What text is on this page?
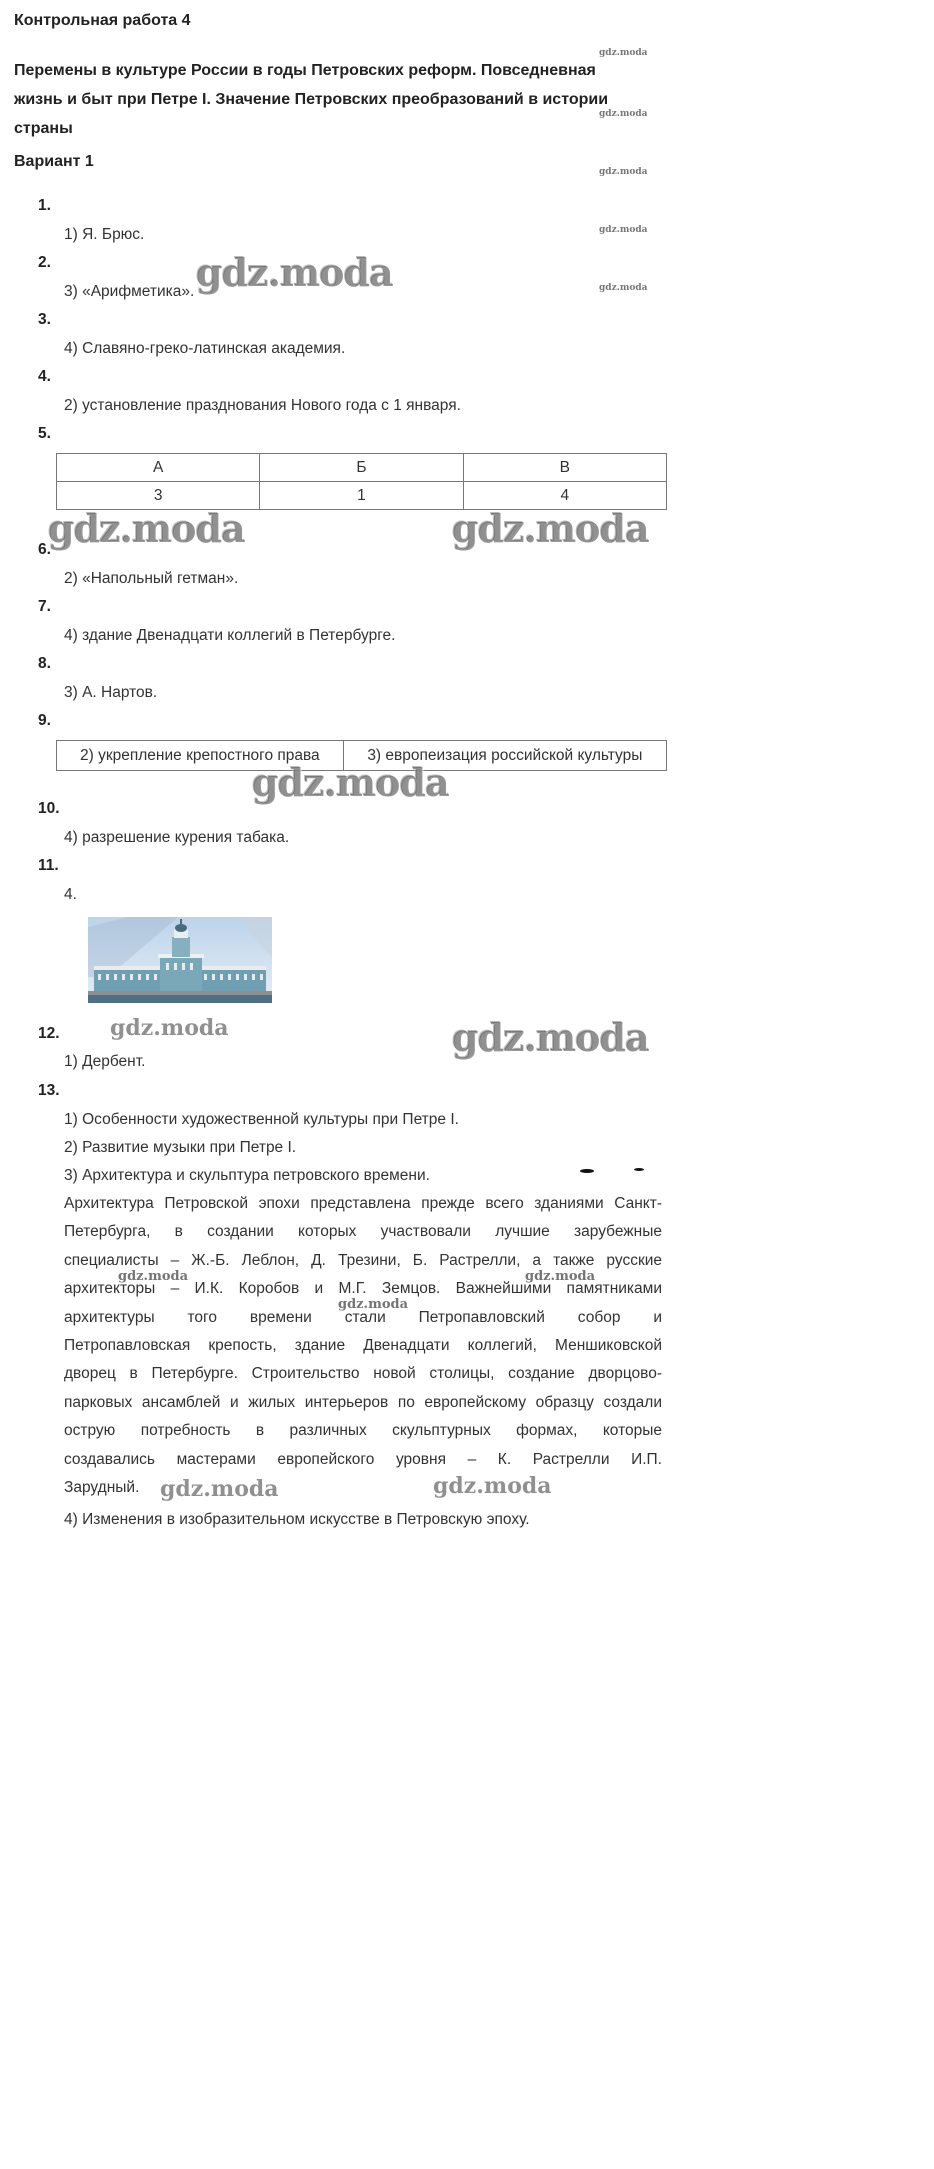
Контрольная работа 4
Перемены в культуре России в годы Петровских реформ. Повседневная
жизнь и быт при Петре I. Значение Петровских преобразований в истории
страны
Вариант 1
1.
1) Я. Брюс.
2.
3) «Арифметика».
3.
4) Славяно-греко-латинская академия.
4.
2) установление празднования Нового года с 1 января.
5.
А	Б	В
3	1	4
6.
2) «Напольный гетман».
7.
4) здание Двенадцати коллегий в Петербурге.
8.
3) А. Нартов.
9.
2) укрепление крепостного права	3) европеизация российской культуры
10.
4) разрешение курения табака.
11.
4.
12.
1) Дербент.
13.
1) Особенности художественной культуры при Петре I.
2) Развитие музыки при Петре I.
3) Архитектура и скульптура петровского времени.
Архитектура Петровской эпохи представлена прежде всего зданиями Санкт-
Петербурга, в создании которых участвовали лучшие зарубежные
специалисты – Ж.-Б. Леблон, Д. Трезини, Б. Растрелли, а также русские
архитекторы – И.К. Коробов и М.Г. Земцов. Важнейшими памятниками
архитектуры того времени стали Петропавловский собор и
Петропавловская крепость, здание Двенадцати коллегий, Меншиковской
дворец в Петербурге. Строительство новой столицы, создание дворцово-
парковых ансамблей и жилых интерьеров по европейскому образцу создали
острую потребность в различных скульптурных формах, которые
создавались мастерами европейского уровня – К. Растрелли И.П.
Зарудный.
4) Изменения в изобразительном искусстве в Петровскую эпоху.
gdz.moda
gdz.moda
gdz.moda
gdz.moda
gdz.moda
gdz.moda
gdz.moda	gdz.moda
gdz.moda
gdz.moda	gdz.moda
gdz.moda	gdz.moda
gdz.moda
gdz.moda	gdz.moda
